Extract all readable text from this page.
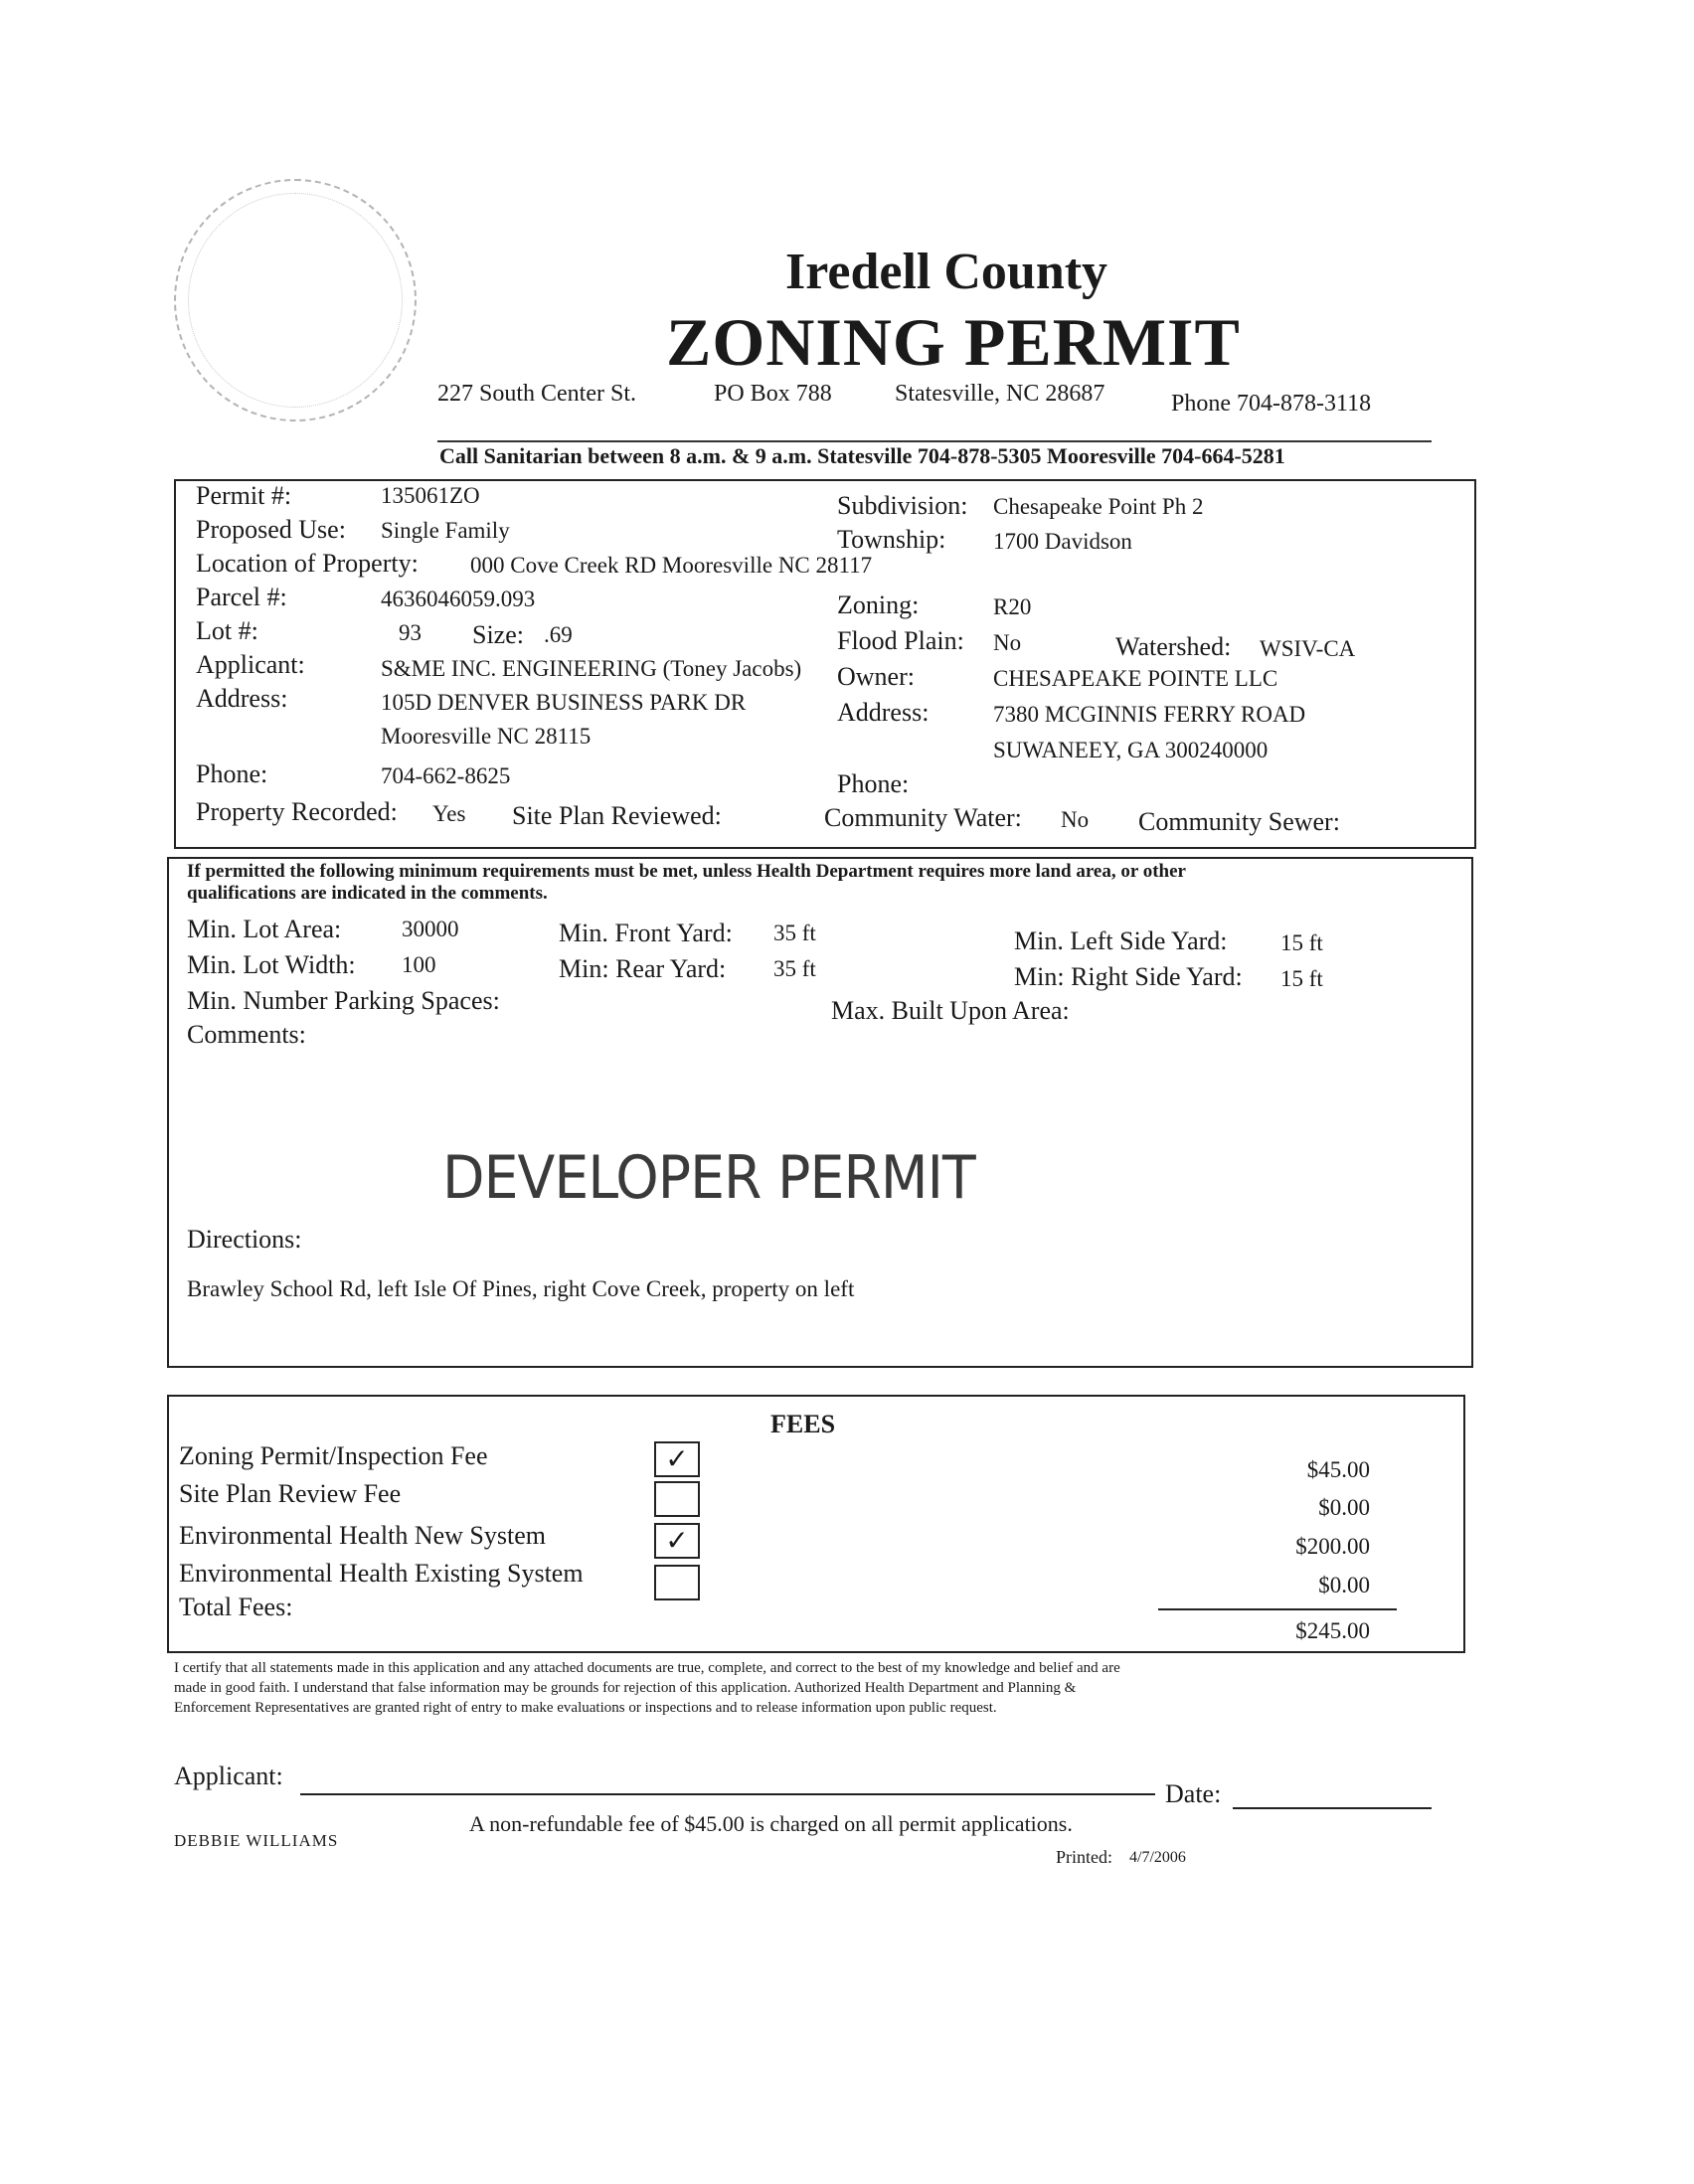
Iredell County
ZONING PERMIT
227 South Center St.	PO Box 788	Statesville, NC 28687	Phone 704-878-3118
Call Sanitarian between 8 a.m. & 9 a.m. Statesville 704-878-5305 Mooresville 704-664-5281
Permit #:	135061ZO
Proposed Use: Single Family
Location of Property: 000 Cove Creek RD Mooresville NC 28117
Parcel #:	4636046059.093
Lot #:	93 Size: .69
Applicant:	S&ME INC. ENGINEERING (Toney Jacobs)
Address:	105D DENVER BUSINESS PARK DR
Mooresville NC 28115
Phone:	704-662-8625
Property Recorded: Yes Site Plan Reviewed:
Subdivision: Chesapeake Point Ph 2
Township: 1700 Davidson
Zoning:	R20
Flood Plain: No	Watershed: WSIV-CA
Owner:	CHESAPEAKE POINTE LLC
Address:	7380 MCGINNIS FERRY ROAD
SUWANEEY, GA 300240000
Phone:
Community Water: No Community Sewer:
If permitted the following minimum requirements must be met, unless Health Department requires more land area, or other
qualifications are indicated in the comments.
Min. Lot Area:	30000
Min. Lot Width: 100
Min. Front Yard: 35 ft
Min: Rear Yard: 35 ft
Min. Left Side Yard: 15 ft
Min: Right Side Yard: 15 ft
Min. Number Parking Spaces:	Max. Built Upon Area:
Comments:
Directions:
Brawley School Rd, left Isle Of Pines, right Cove Creek, property on left
DEVELOPER PERMIT
FEES
Zoning Permit/Inspection Fee	✓	$45.00
Site Plan Review Fee	$0.00
Environmental Health New System	✓	$200.00
Environmental Health Existing System	$0.00
Total Fees:
$245.00
I certify that all statements made in this application and any attached documents are true, complete, and correct to the best of my knowledge and belief and are
made in good faith. I understand that false information may be grounds for rejection of this application. Authorized Health Department and Planning &
Enforcement Representatives are granted right of entry to make evaluations or inspections and to release information upon public request.
Applicant:
Date:
A non-refundable fee of $45.00 is charged on all permit applications.
DEBBIE WILLIAMS
Printed: 4/7/2006
